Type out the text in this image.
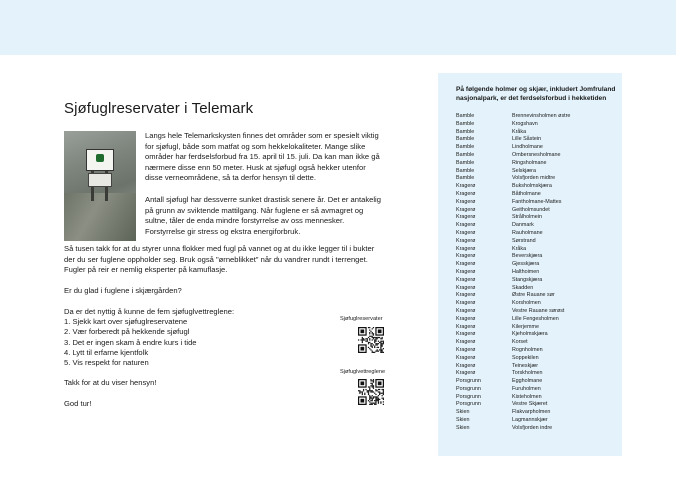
Sjøfuglreservater i Telemark

Langs hele Telemarkskysten finnes det områder som er spesielt viktig for sjøfugl, både som matfat og som hekkelokaliteter. Mange slike områder har ferdselsforbud fra 15. april til 15. juli. Da kan man ikke gå nærmere disse enn 50 meter. Husk at sjøfugl også hekker utenfor disse verneområdene, så ta derfor hensyn til dette.

Antall sjøfugl har dessverre sunket drastisk senere år. Det er antakelig på grunn av sviktende mattilgang. Når fuglene er så avmagret og sultne, tåler de enda mindre forstyrrelse av oss mennesker. Forstyrrelse gir stress og ekstra energiforbruk.

Så tusen takk for at du styrer unna flokker med fugl på vannet og at du ikke legger til i bukter der du ser fuglene oppholder seg. Bruk også "ørneblikket" når du vandrer rundt i terrenget. Fugler på reir er nemlig eksperter på kamuflasje.

Er du glad i fuglene i skjærgården?

Da er det nyttig å kunne de fem sjøfuglvettreglene:
1. Sjekk kart over sjøfuglreservatene
2. Vær forberedt på hekkende sjøfugl
3. Det er ingen skam å endre kurs i tide
4. Lytt til erfarne kjentfolk
5. Vis respekt for naturen

Takk for at du viser hensyn!

God tur!

Sjøfuglreservater
Sjøfuglvettreglene

På følgende holmer og skjær, inkludert Jomfruland nasjonalpark, er det ferdselsforbud i hekketiden

Bamble	Brennevinsholmen østre
Bamble	Krogshavn
Bamble	Kråka
Bamble	Lille Såstein
Bamble	Lindholmane
Bamble	Ombersnesholmane
Bamble	Ringsholmane
Bamble	Selskjæra
Bamble	Volsfjorden midtre
Kragerø	Buksholmskjæra
Kragerø	Båtholmane
Kragerø	Fantholmane-Mattes
Kragerø	Geitholmsundet
Kragerø	Strålholmein
Kragerø	Danmark
Kragerø	Rauholmane
Kragerø	Sørstrand
Kragerø	Kråka
Kragerø	Beverskjæra
Kragerø	Gjesskjæra
Kragerø	Halthoimen
Kragerø	Stangskjæra
Kragerø	Skadden
Kragerø	Østre Rauane sør
Kragerø	Korsholmen
Kragerø	Vestre Rauane sørøst
Kragerø	Lille Fengesholmen
Kragerø	Kilerjemme
Kragerø	Kjeholmskjæra
Kragerø	Korset
Kragerø	Rognholmen
Kragerø	Soppekilen
Kragerø	Teineskjær
Kragerø	Torskholmen
Porsgrunn	Eggholmane
Porsgrunn	Furuholmen
Porsgrunn	Kisteholmen
Porsgrunn	Vestre Skjæret
Skien	Flakvarpholmen
Skien	Lagmannskjær
Skien	Volsfjorden indre
